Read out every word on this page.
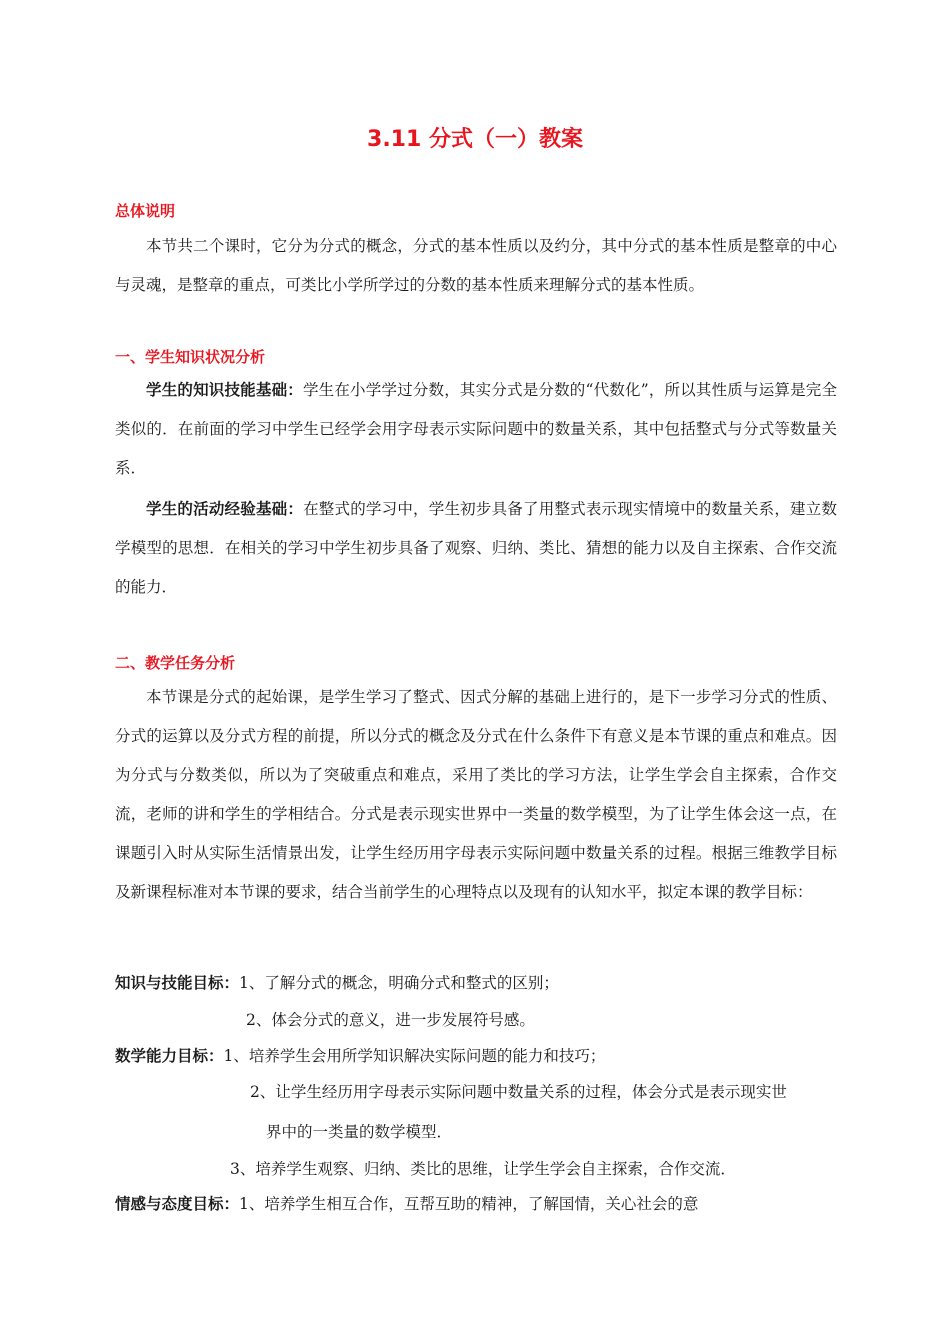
3.11 分式（一）教案
总体说明

本节共二个课时，它分为分式的概念，分式的基本性质以及约分，其中分式的基本性质是整章的中心与灵魂，是整章的重点，可类比小学所学过的分数的基本性质来理解分式的基本性质。

一、学生知识状况分析

学生的知识技能基础：学生在小学学过分数，其实分式是分数的“代数化”，所以其性质与运算是完全类似的．在前面的学习中学生已经学会用字母表示实际问题中的数量关系，其中包括整式与分式等数量关系．

学生的活动经验基础：在整式的学习中，学生初步具备了用整式表示现实情境中的数量关系，建立数学模型的思想．在相关的学习中学生初步具备了观察、归纳、类比、猜想的能力以及自主探索、合作交流的能力．

二、教学任务分析

本节课是分式的起始课，是学生学习了整式、因式分解的基础上进行的，是下一步学习分式的性质、分式的运算以及分式方程的前提，所以分式的概念及分式在什么条件下有意义是本节课的重点和难点。因为分式与分数类似，所以为了突破重点和难点，采用了类比的学习方法，让学生学会自主探索，合作交流，老师的讲和学生的学相结合。分式是表示现实世界中一类量的数学模型，为了让学生体会这一点，在课题引入时从实际生活情景出发，让学生经历用字母表示实际问题中数量关系的过程。根据三维教学目标及新课程标准对本节课的要求，结合当前学生的心理特点以及现有的认知水平，拟定本课的教学目标：

知识与技能目标：1、了解分式的概念，明确分式和整式的区别；
2、体会分式的意义，进一步发展符号感。
数学能力目标：1、培养学生会用所学知识解决实际问题的能力和技巧；
2、让学生经历用字母表示实际问题中数量关系的过程，体会分式是表示现实世
界中的一类量的数学模型．
3、培养学生观察、归纳、类比的思维，让学生学会自主探索，合作交流．
情感与态度目标：1、培养学生相互合作，互帮互助的精神，了解国情，关心社会的意
